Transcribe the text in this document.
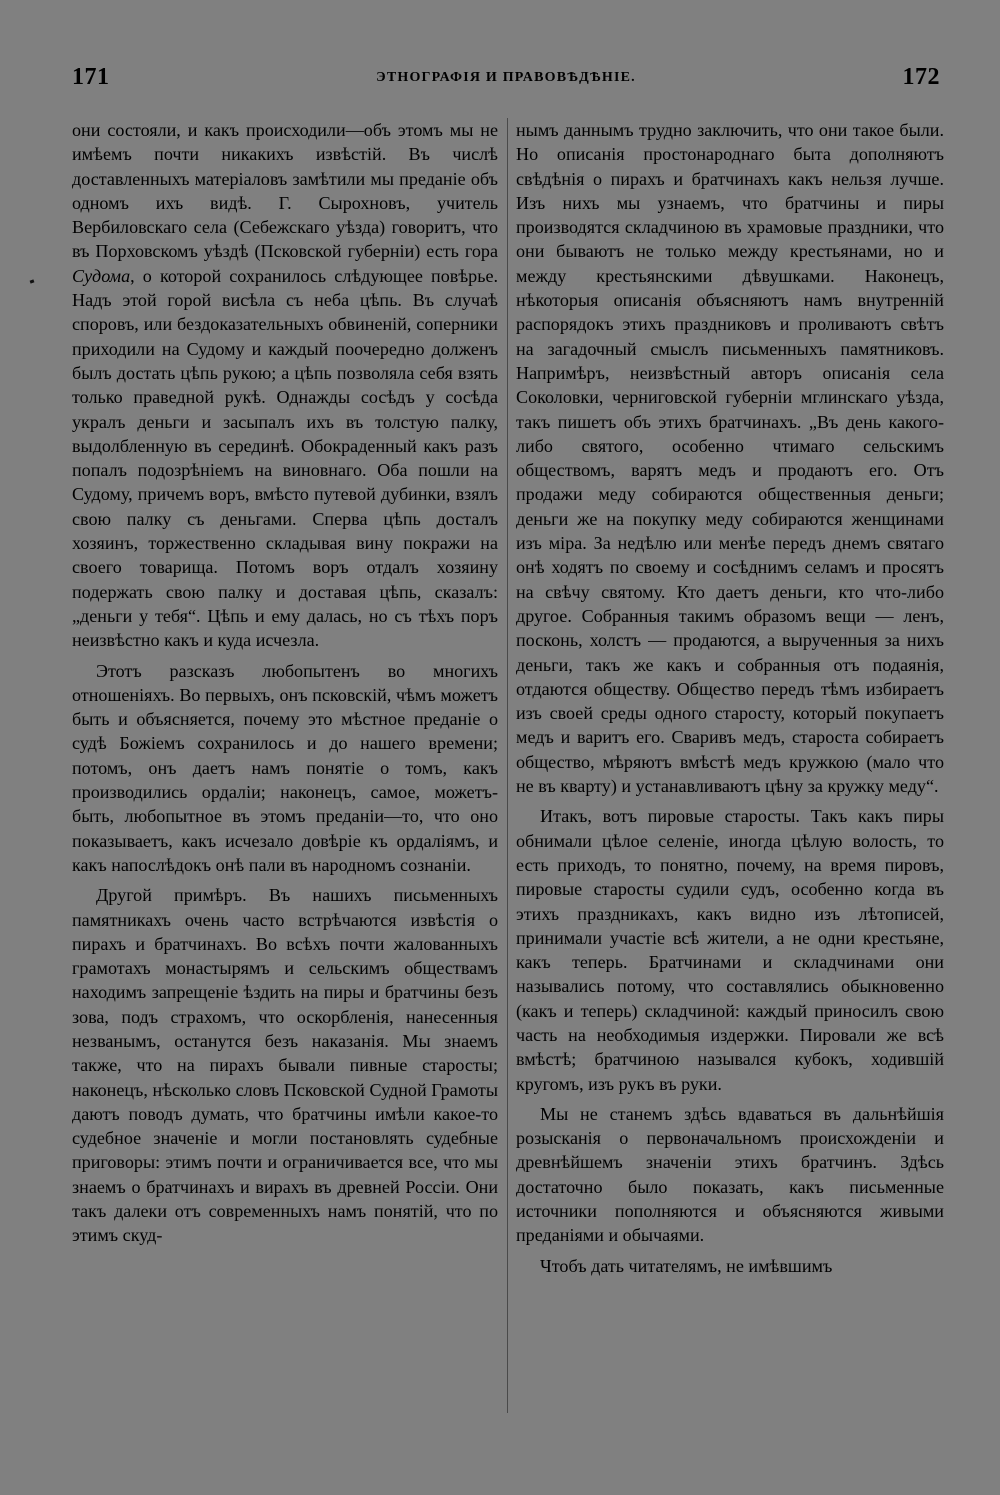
171	ЭТНОГРАФІЯ И ПРАВОВѢДѢНІЕ.	172

они состояли, и какъ происходили—объ этомъ мы не имѣемъ почти никакихъ извѣстій. Въ числѣ доставленныхъ матеріаловъ замѣтили мы преданіе объ одномъ ихъ видѣ. Г. Сырохновъ, учитель Вербиловскаго села (Себежскаго уѣзда) говоритъ, что въ Порховскомъ уѣздѣ (Псковской губерніи) есть гора Судома, о которой сохранилось слѣдующее повѣрье. Надъ этой горой висѣла съ неба цѣпь. Въ случаѣ споровъ, или бездоказательныхъ обвиненій, соперники приходили на Судому и каждый поочередно долженъ былъ достать цѣпь рукою; а цѣпь позволяла себя взять только праведной рукѣ. Однажды сосѣдъ у сосѣда укралъ деньги и засыпалъ ихъ въ толстую палку, выдолбленную въ серединѣ. Обокраденный какъ разъ попалъ подозрѣніемъ на виновнаго. Оба пошли на Судому, причемъ воръ, вмѣсто путевой дубинки, взялъ свою палку съ деньгами. Сперва цѣпь досталъ хозяинъ, торжественно складывая вину покражи на своего товарища. Потомъ воръ отдалъ хозяину подержать свою палку и доставая цѣпь, сказалъ: „деньги у тебя“. Цѣпь и ему далась, но съ тѣхъ поръ неизвѣстно какъ и куда исчезла.

Этотъ разсказъ любопытенъ во многихъ отношеніяхъ. Во первыхъ, онъ псковскій, чѣмъ можетъ быть и объясняется, почему это мѣстное преданіе о судѣ Божіемъ сохранилось и до нашего времени; потомъ, онъ даетъ намъ понятіе о томъ, какъ производились ордаліи; наконецъ, самое, можетъ-быть, любопытное въ этомъ преданіи—то, что оно показываетъ, какъ исчезало довѣріе къ ордаліямъ, и какъ напослѣдокъ онѣ пали въ народномъ сознаніи.

Другой примѣръ. Въ нашихъ письменныхъ памятникахъ очень часто встрѣчаются извѣстія о пирахъ и братчинахъ. Во всѣхъ почти жалованныхъ грамотахъ монастырямъ и сельскимъ обществамъ находимъ запрещеніе ѣздить на пиры и братчины безъ зова, подъ страхомъ, что оскорбленія, нанесенныя незванымъ, останутся безъ наказанія. Мы знаемъ также, что на пирахъ бывали пивные старосты; наконецъ, нѣсколько словъ Псковской Судной Грамоты даютъ поводъ думать, что братчины имѣли какое-то судебное значеніе и могли постановлять судебные приговоры: этимъ почти и ограничивается все, что мы знаемъ о братчинахъ и вирахъ въ древней Россіи. Они такъ далеки отъ современныхъ намъ понятій, что по этимъ скуд-

нымъ даннымъ трудно заключить, что они такое были. Но описанія простонароднаго быта дополняютъ свѣдѣнія о пирахъ и братчинахъ какъ нельзя лучше. Изъ нихъ мы узнаемъ, что братчины и пиры производятся складчиною въ храмовые праздники, что они бываютъ не только между крестьянами, но и между крестьянскими дѣвушками. Наконецъ, нѣкоторыя описанія объясняютъ намъ внутренній распорядокъ этихъ праздниковъ и проливаютъ свѣтъ на загадочный смыслъ письменныхъ памятниковъ. Напримѣръ, неизвѣстный авторъ описанія села Соколовки, черниговской губерніи мглинскаго уѣзда, такъ пишетъ объ этихъ братчинахъ. „Въ день какого-либо святого, особенно чтимаго сельскимъ обществомъ, варятъ медъ и продаютъ его. Отъ продажи меду собираются общественныя деньги; деньги же на покупку меду собираются женщинами изъ міра. За недѣлю или менѣе передъ днемъ святаго онѣ ходятъ по своему и сосѣднимъ селамъ и просятъ на свѣчу святому. Кто даетъ деньги, кто что-либо другое. Собранныя такимъ образомъ вещи — ленъ, посконь, холстъ — продаются, а вырученныя за нихъ деньги, такъ же какъ и собранныя отъ подаянія, отдаются обществу. Общество передъ тѣмъ избираетъ изъ своей среды одного старосту, который покупаетъ медъ и варитъ его. Сваривъ медъ, староста собираетъ общество, мѣряютъ вмѣстѣ медъ кружкою (мало что не въ кварту) и устанавливаютъ цѣну за кружку меду“.

Итакъ, вотъ пировые старосты. Такъ какъ пиры обнимали цѣлое селеніе, иногда цѣлую волость, то есть приходъ, то понятно, почему, на время пировъ, пировые старосты судили судъ, особенно когда въ этихъ праздникахъ, какъ видно изъ лѣтописей, принимали участіе всѣ жители, а не одни крестьяне, какъ теперь. Братчинами и складчинами они назывались потому, что составлялись обыкновенно (какъ и теперь) складчиной: каждый приносилъ свою часть на необходимыя издержки. Пировали же всѣ вмѣстѣ; братчиною назывался кубокъ, ходившій кругомъ, изъ рукъ въ руки.

Мы не станемъ здѣсь вдаваться въ дальнѣйшія розысканія о первоначальномъ происхожденіи и древнѣйшемъ значеніи этихъ братчинъ. Здѣсь достаточно было показать, какъ письменные источники пополняются и объясняются живыми преданіями и обычаями.

Чтобъ дать читателямъ, не имѣвшимъ
